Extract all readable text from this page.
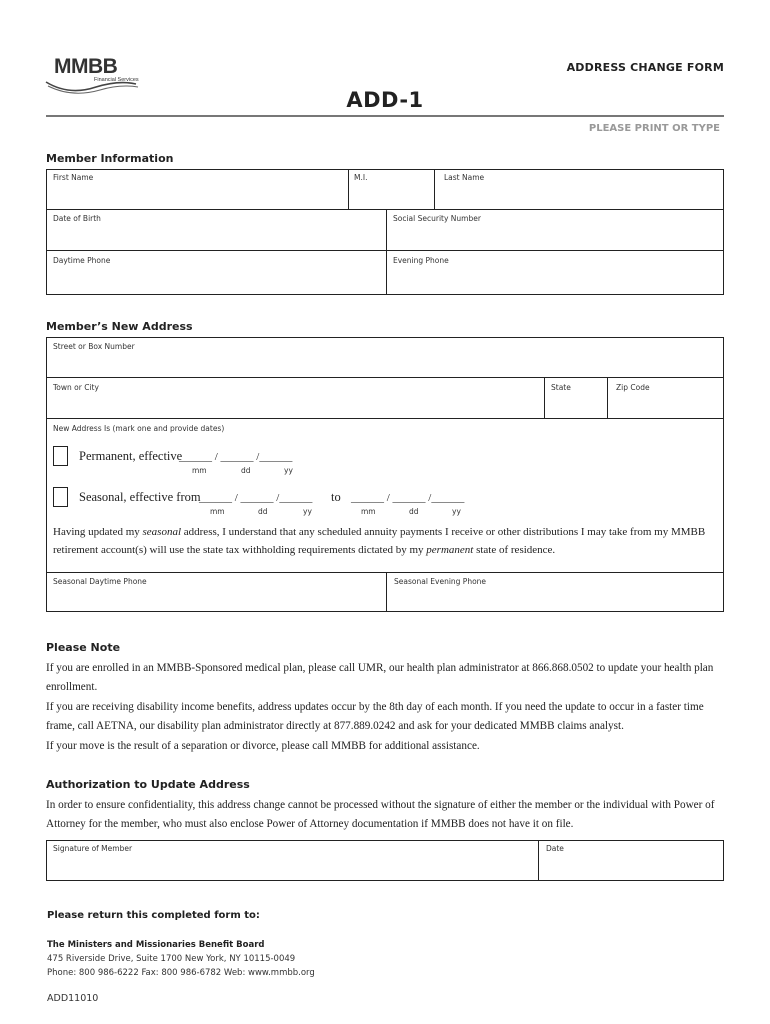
MMBB
Financial Services
ADDRESS CHANGE FORM
ADD-1
PLEASE PRINT OR TYPE
Member Information
First Name	M.I.	Last Name
Date of Birth	Social Security Number
Daytime Phone	Evening Phone
Member’s New Address
Street or Box Number
Town or City	State	Zip Code
New Address Is (mark one and provide dates)
Permanent, effective
______ / ______ /______
mm	dd	yy
Seasonal, effective from
______ / ______ /______ to ______ / ______ /______
mm	dd	yy	mm	dd	yy
Having updated my seasonal address, I understand that any scheduled annuity payments I receive or other distributions I may take from my MMBB retirement account(s) will use the state tax withholding requirements dictated by my permanent state of residence.
Seasonal Daytime Phone	Seasonal Evening Phone
Please Note
If you are enrolled in an MMBB-Sponsored medical plan, please call UMR, our health plan administrator at 866.868.0502 to update your health plan enrollment.
If you are receiving disability income benefits, address updates occur by the 8th day of each month. If you need the update to occur in a faster time frame, call AETNA, our disability plan administrator directly at 877.889.0242 and ask for your dedicated MMBB claims analyst.
If your move is the result of a separation or divorce, please call MMBB for additional assistance.
Authorization to Update Address
In order to ensure confidentiality, this address change cannot be processed without the signature of either the member or the individual with Power of Attorney for the member, who must also enclose Power of Attorney documentation if MMBB does not have it on file.
Signature of Member	Date
Please return this completed form to:
The Ministers and Missionaries Benefit Board
475 Riverside Drive, Suite 1700 New York, NY 10115-0049
Phone: 800 986-6222 Fax: 800 986-6782 Web: www.mmbb.org
ADD11010
